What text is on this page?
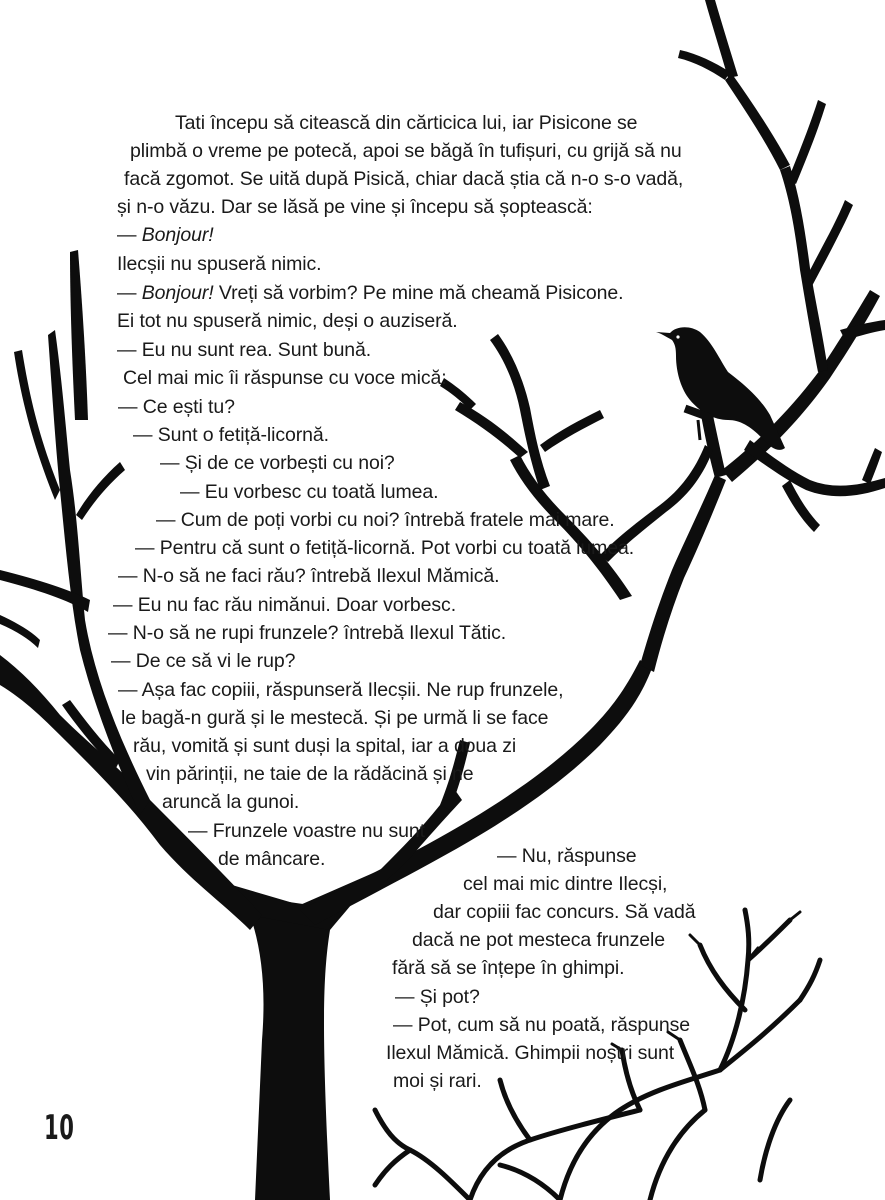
Tati începu să citească din cărticica lui, iar Pisicone se
plimbă o vreme pe potecă, apoi se băgă în tufișuri, cu grijă să nu
facă zgomot. Se uită după Pisică, chiar dacă știa că n-o s-o vadă,
și n-o văzu. Dar se lăsă pe vine și începu să șoptească:
— Bonjour!
Ilecșii nu spuseră nimic.
— Bonjour! Vreți să vorbim? Pe mine mă cheamă Pisicone.
Ei tot nu spuseră nimic, deși o auziseră.
— Eu nu sunt rea. Sunt bună.
Cel mai mic îi răspunse cu voce mică:
— Ce ești tu?
— Sunt o fetiță-licornă.
— Și de ce vorbești cu noi?
— Eu vorbesc cu toată lumea.
— Cum de poți vorbi cu noi? întrebă fratele mai mare.
— Pentru că sunt o fetiță-licornă. Pot vorbi cu toată lumea.
— N-o să ne faci rău? întrebă Ilexul Mămică.
— Eu nu fac rău nimănui. Doar vorbesc.
— N-o să ne rupi frunzele? întrebă Ilexul Tătic.
— De ce să vi le rup?
— Așa fac copiii, răspunseră Ilecșii. Ne rup frunzele,
le bagă-n gură și le mestecă. Și pe urmă li se face
rău, vomită și sunt duși la spital, iar a doua zi
vin părinții, ne taie de la rădăcină și ne
aruncă la gunoi.
— Frunzele voastre nu sunt
de mâncare.	— Nu, răspunse
cel mai mic dintre Ilecși,
dar copiii fac concurs. Să vadă
dacă ne pot mesteca frunzele
fără să se înțepe în ghimpi.
— Și pot?
— Pot, cum să nu poată, răspunse
Ilexul Mămică. Ghimpii noștri sunt
moi și rari.
10
